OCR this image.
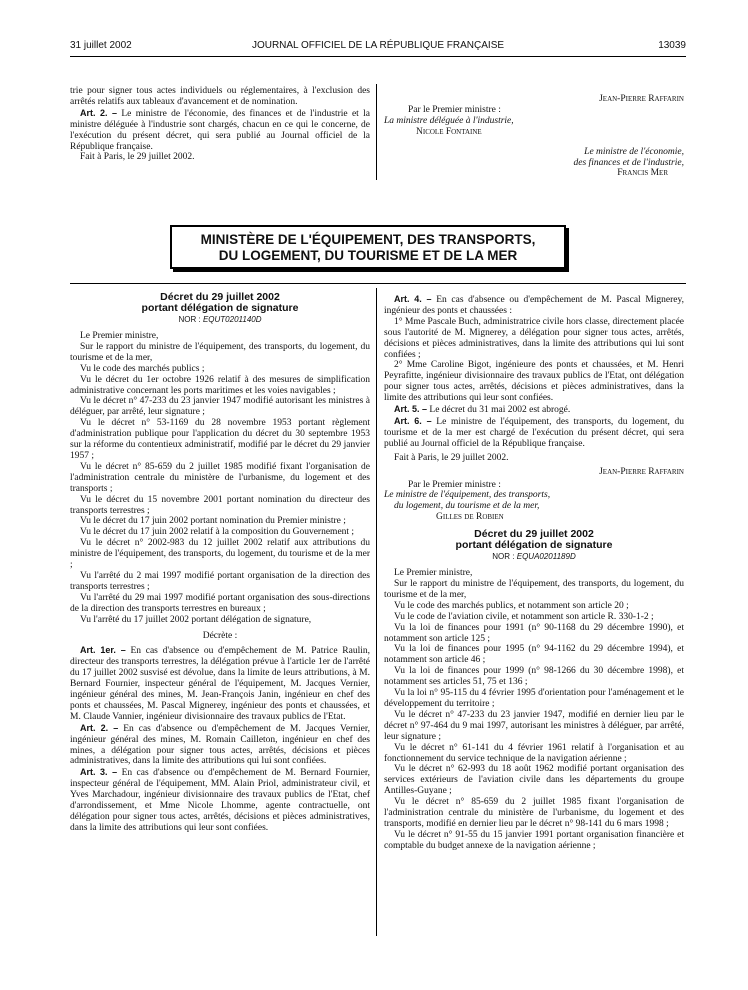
31 juillet 2002	JOURNAL OFFICIEL DE LA RÉPUBLIQUE FRANÇAISE	13039

trie pour signer tous actes individuels ou réglementaires, à l'exclusion des arrêtés relatifs aux tableaux d'avancement et de nomination.

Art. 2. – Le ministre de l'économie, des finances et de l'industrie et la ministre déléguée à l'industrie sont chargés, chacun en ce qui le concerne, de l'exécution du présent décret, qui sera publié au Journal officiel de la République française.

Fait à Paris, le 29 juillet 2002.

Jean-Pierre Raffarin
Par le Premier ministre :
La ministre déléguée à l'industrie,
Nicole Fontaine
Le ministre de l'économie,
des finances et de l'industrie,
Francis Mer
MINISTÈRE DE L'ÉQUIPEMENT, DES TRANSPORTS,
DU LOGEMENT, DU TOURISME ET DE LA MER
Décret du 29 juillet 2002
portant délégation de signature
NOR : EQUT0201140D

Le Premier ministre,

Sur le rapport du ministre de l'équipement, des transports, du logement, du tourisme et de la mer,

Vu le code des marchés publics ;

Vu le décret du 1er octobre 1926 relatif à des mesures de simplification administrative concernant les ports maritimes et les voies navigables ;

Vu le décret n° 47-233 du 23 janvier 1947 modifié autorisant les ministres à déléguer, par arrêté, leur signature ;

Vu le décret n° 53-1169 du 28 novembre 1953 portant règlement d'administration publique pour l'application du décret du 30 septembre 1953 sur la réforme du contentieux administratif, modifié par le décret du 29 janvier 1957 ;

Vu le décret n° 85-659 du 2 juillet 1985 modifié fixant l'organisation de l'administration centrale du ministère de l'urbanisme, du logement et des transports ;

Vu le décret du 15 novembre 2001 portant nomination du directeur des transports terrestres ;

Vu le décret du 17 juin 2002 portant nomination du Premier ministre ;

Vu le décret du 17 juin 2002 relatif à la composition du Gouvernement ;

Vu le décret n° 2002-983 du 12 juillet 2002 relatif aux attributions du ministre de l'équipement, des transports, du logement, du tourisme et de la mer ;

Vu l'arrêté du 2 mai 1997 modifié portant organisation de la direction des transports terrestres ;

Vu l'arrêté du 29 mai 1997 modifié portant organisation des sous-directions de la direction des transports terrestres en bureaux ;

Vu l'arrêté du 17 juillet 2002 portant délégation de signature,

Décrète :

Art. 1er. – En cas d'absence ou d'empêchement de M. Patrice Raulin, directeur des transports terrestres, la délégation prévue à l'article 1er de l'arrêté du 17 juillet 2002 susvisé est dévolue, dans la limite de leurs attributions, à M. Bernard Fournier, inspecteur général de l'équipement, M. Jacques Vernier, ingénieur général des mines, M. Jean-François Janin, ingénieur en chef des ponts et chaussées, M. Pascal Mignerey, ingénieur des ponts et chaussées, et M. Claude Vannier, ingénieur divisionnaire des travaux publics de l'Etat.

Art. 2. – En cas d'absence ou d'empêchement de M. Jacques Vernier, ingénieur général des mines, M. Romain Cailleton, ingénieur en chef des mines, a délégation pour signer tous actes, arrêtés, décisions et pièces administratives, dans la limite des attributions qui lui sont confiées.

Art. 3. – En cas d'absence ou d'empêchement de M. Bernard Fournier, inspecteur général de l'équipement, MM. Alain Priol, administrateur civil, et Yves Marchadour, ingénieur divisionnaire des travaux publics de l'Etat, chef d'arrondissement, et Mme Nicole Lhomme, agente contractuelle, ont délégation pour signer tous actes, arrêtés, décisions et pièces administratives, dans la limite des attributions qui leur sont confiées.

Art. 4. – En cas d'absence ou d'empêchement de M. Pascal Mignerey, ingénieur des ponts et chaussées :

1° Mme Pascale Buch, administratrice civile hors classe, directement placée sous l'autorité de M. Mignerey, a délégation pour signer tous actes, arrêtés, décisions et pièces administratives, dans la limite des attributions qui lui sont confiées ;

2° Mme Caroline Bigot, ingénieure des ponts et chaussées, et M. Henri Peyrafitte, ingénieur divisionnaire des travaux publics de l'Etat, ont délégation pour signer tous actes, arrêtés, décisions et pièces administratives, dans la limite des attributions qui leur sont confiées.

Art. 5. – Le décret du 31 mai 2002 est abrogé.

Art. 6. – Le ministre de l'équipement, des transports, du logement, du tourisme et de la mer est chargé de l'exécution du présent décret, qui sera publié au Journal officiel de la République française.

Fait à Paris, le 29 juillet 2002.

Jean-Pierre Raffarin
Par le Premier ministre :
Le ministre de l'équipement, des transports,
du logement, du tourisme et de la mer,
Gilles de Robien
Décret du 29 juillet 2002
portant délégation de signature
NOR : EQUA0201189D

Le Premier ministre,

Sur le rapport du ministre de l'équipement, des transports, du logement, du tourisme et de la mer,

Vu le code des marchés publics, et notamment son article 20 ;

Vu le code de l'aviation civile, et notamment son article R. 330-1-2 ;

Vu la loi de finances pour 1991 (n° 90-1168 du 29 décembre 1990), et notamment son article 125 ;

Vu la loi de finances pour 1995 (n° 94-1162 du 29 décembre 1994), et notamment son article 46 ;

Vu la loi de finances pour 1999 (n° 98-1266 du 30 décembre 1998), et notamment ses articles 51, 75 et 136 ;

Vu la loi n° 95-115 du 4 février 1995 d'orientation pour l'aménagement et le développement du territoire ;

Vu le décret n° 47-233 du 23 janvier 1947, modifié en dernier lieu par le décret n° 97-464 du 9 mai 1997, autorisant les ministres à déléguer, par arrêté, leur signature ;

Vu le décret n° 61-141 du 4 février 1961 relatif à l'organisation et au fonctionnement du service technique de la navigation aérienne ;

Vu le décret n° 62-993 du 18 août 1962 modifié portant organisation des services extérieurs de l'aviation civile dans les départements du groupe Antilles-Guyane ;

Vu le décret n° 85-659 du 2 juillet 1985 fixant l'organisation de l'administration centrale du ministère de l'urbanisme, du logement et des transports, modifié en dernier lieu par le décret n° 98-141 du 6 mars 1998 ;

Vu le décret n° 91-55 du 15 janvier 1991 portant organisation financière et comptable du budget annexe de la navigation aérienne ;
